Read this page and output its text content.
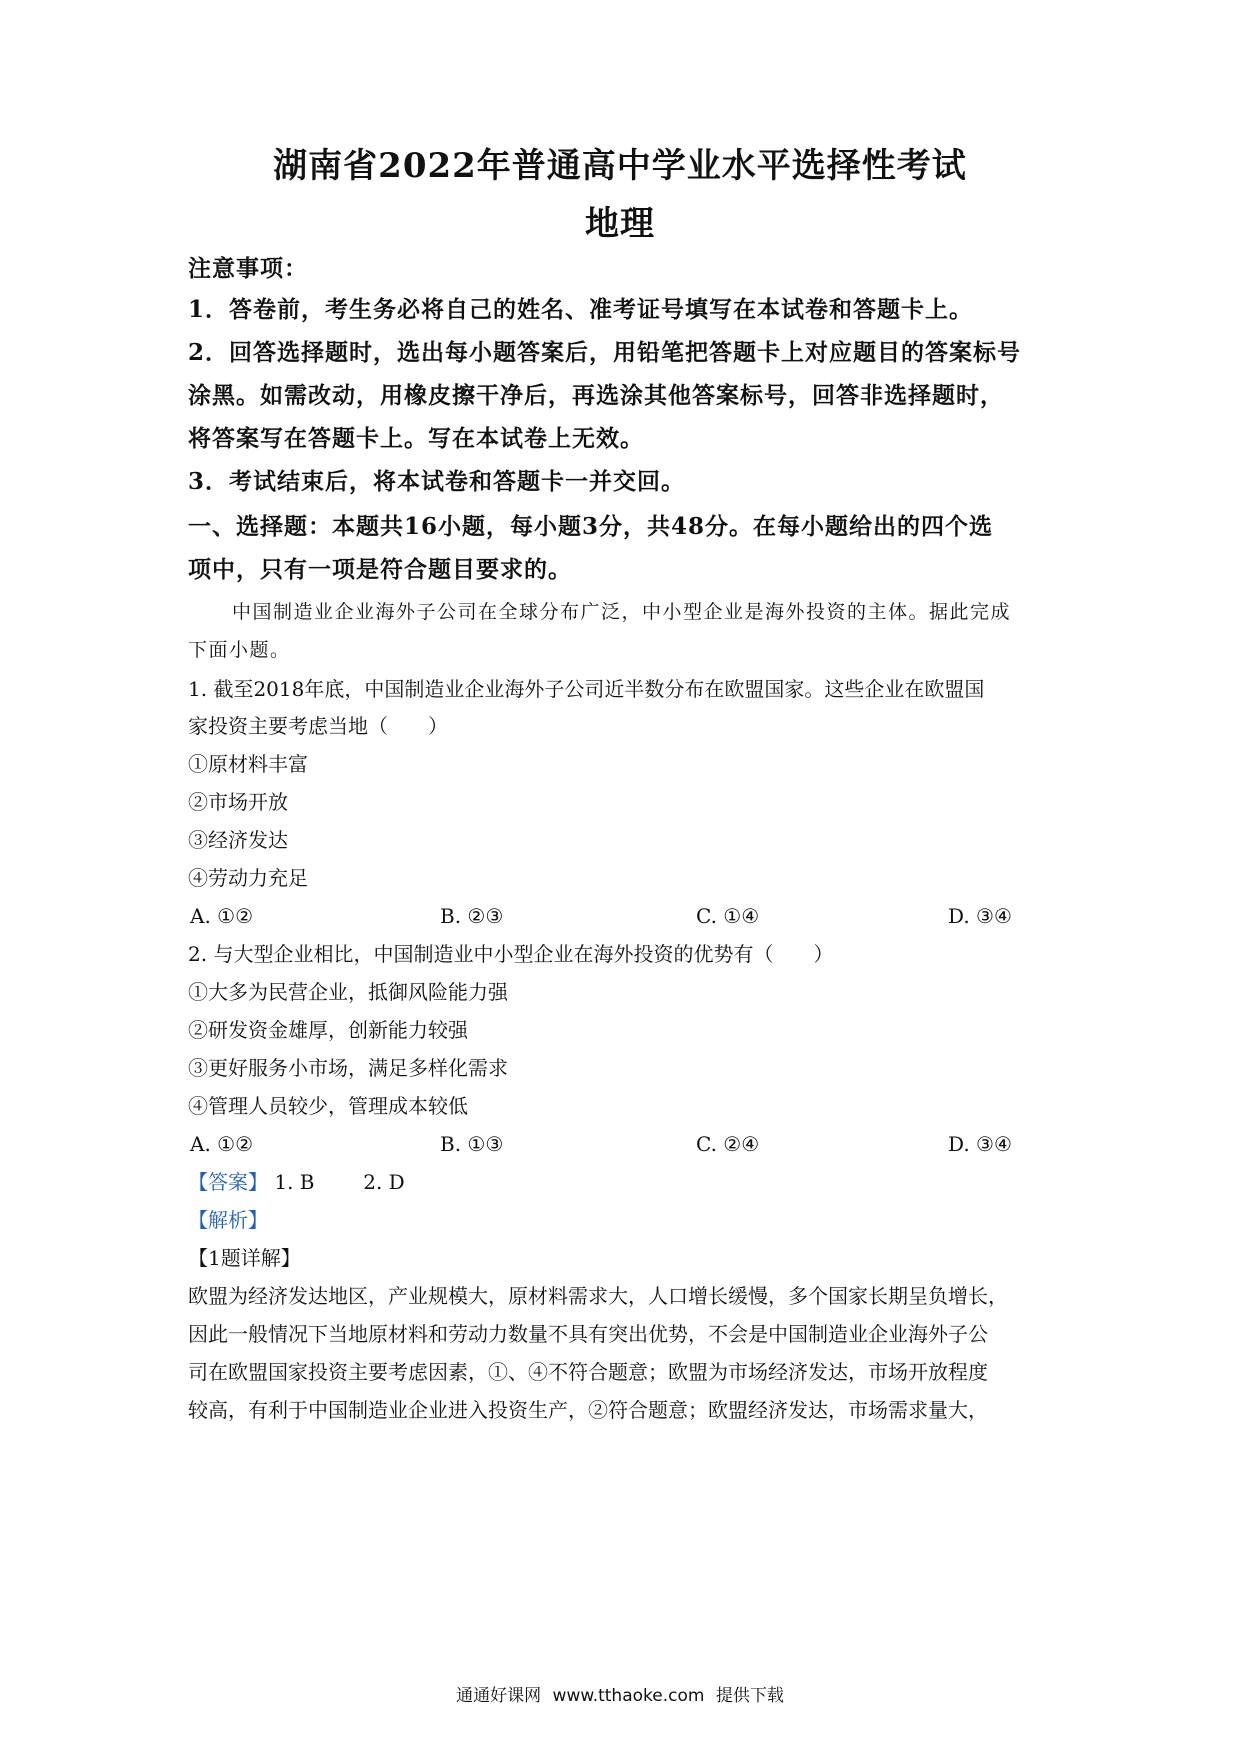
湖南省2022年普通高中学业水平选择性考试
地理
注意事项：
1．答卷前，考生务必将自己的姓名、准考证号填写在本试卷和答题卡上。
2．回答选择题时，选出每小题答案后，用铅笔把答题卡上对应题目的答案标号
涂黑。如需改动，用橡皮擦干净后，再选涂其他答案标号，回答非选择题时，
将答案写在答题卡上。写在本试卷上无效。
3．考试结束后，将本试卷和答题卡一并交回。
一、选择题：本题共16小题，每小题3分，共48分。在每小题给出的四个选
项中，只有一项是符合题目要求的。
中国制造业企业海外子公司在全球分布广泛，中小型企业是海外投资的主体。据此完成
下面小题。
1. 截至2018年底，中国制造业企业海外子公司近半数分布在欧盟国家。这些企业在欧盟国
家投资主要考虑当地（　　）
①原材料丰富
②市场开放
③经济发达
④劳动力充足
A. ①②	B. ②③	C. ①④	D. ③④
2. 与大型企业相比，中国制造业中小型企业在海外投资的优势有（　　）
①大多为民营企业，抵御风险能力强
②研发资金雄厚，创新能力较强
③更好服务小市场，满足多样化需求
④管理人员较少，管理成本较低
A. ①②	B. ①③	C. ②④	D. ③④
【答案】 1. B 2. D
【解析】
【1题详解】
欧盟为经济发达地区，产业规模大，原材料需求大，人口增长缓慢，多个国家长期呈负增长，
因此一般情况下当地原材料和劳动力数量不具有突出优势，不会是中国制造业企业海外子公
司在欧盟国家投资主要考虑因素，①、④不符合题意；欧盟为市场经济发达，市场开放程度
较高，有利于中国制造业企业进入投资生产，②符合题意；欧盟经济发达，市场需求量大，
通通好课网 www.tthaoke.com 提供下载
